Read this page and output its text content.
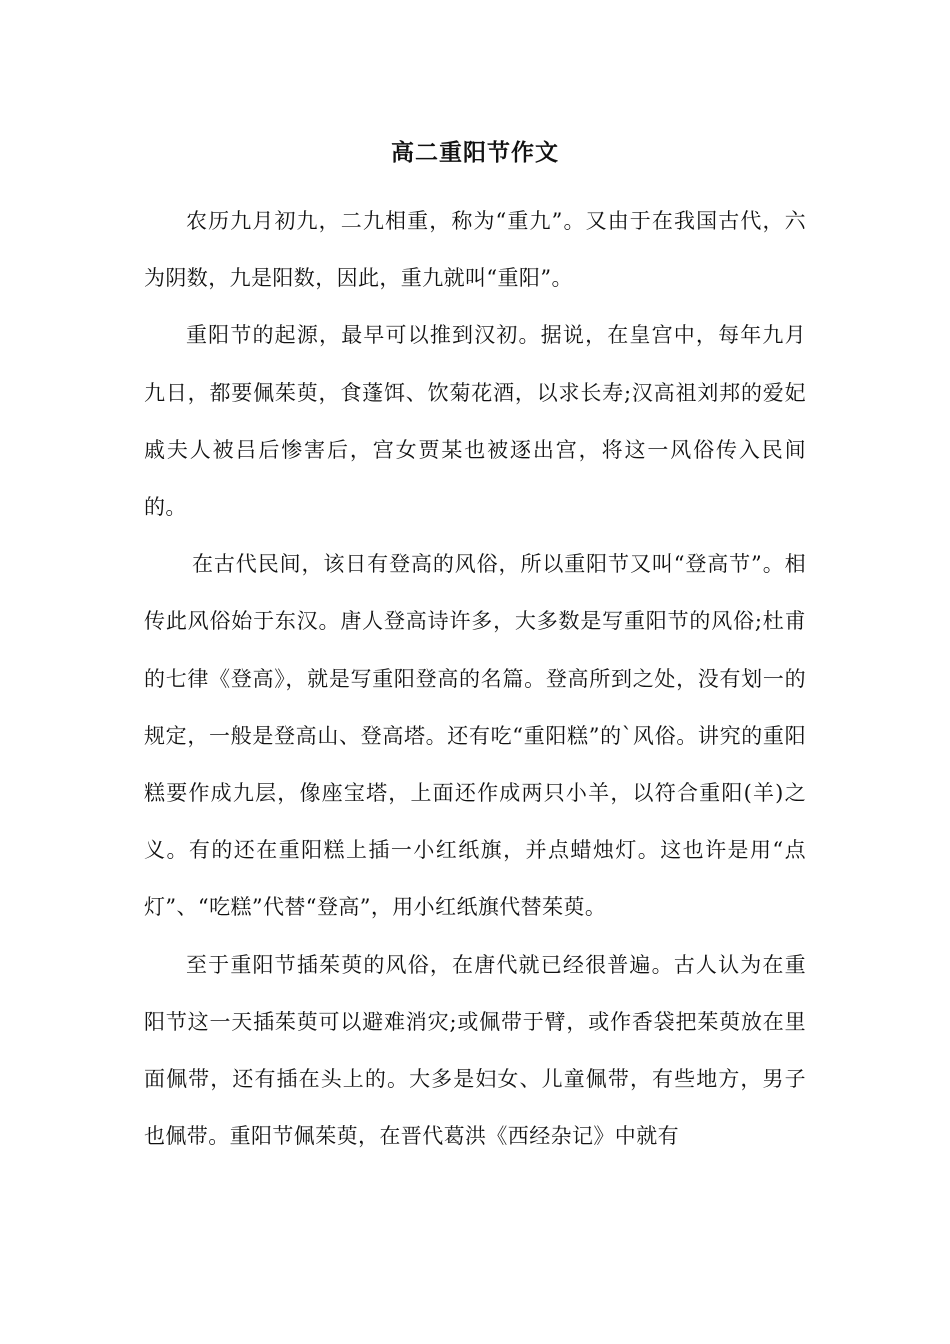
高二重阳节作文

农历九月初九，二九相重，称为“重九”。又由于在我国古代，六为阴数，九是阳数，因此，重九就叫“重阳”。

重阳节的起源，最早可以推到汉初。据说，在皇宫中，每年九月九日，都要佩茱萸，食蓬饵、饮菊花酒，以求长寿;汉高祖刘邦的爱妃戚夫人被吕后惨害后，宫女贾某也被逐出宫，将这一风俗传入民间的。

在古代民间，该日有登高的风俗，所以重阳节又叫“登高节”。相传此风俗始于东汉。唐人登高诗许多，大多数是写重阳节的风俗;杜甫的七律《登高》，就是写重阳登高的名篇。登高所到之处，没有划一的规定，一般是登高山、登高塔。还有吃“重阳糕”的`风俗。讲究的重阳糕要作成九层，像座宝塔，上面还作成两只小羊，以符合重阳(羊)之义。有的还在重阳糕上插一小红纸旗，并点蜡烛灯。这也许是用“点灯”、“吃糕”代替“登高”，用小红纸旗代替茱萸。

至于重阳节插茱萸的风俗，在唐代就已经很普遍。古人认为在重阳节这一天插茱萸可以避难消灾;或佩带于臂，或作香袋把茱萸放在里面佩带，还有插在头上的。大多是妇女、儿童佩带，有些地方，男子也佩带。重阳节佩茱萸，在晋代葛洪《西经杂记》中就有
